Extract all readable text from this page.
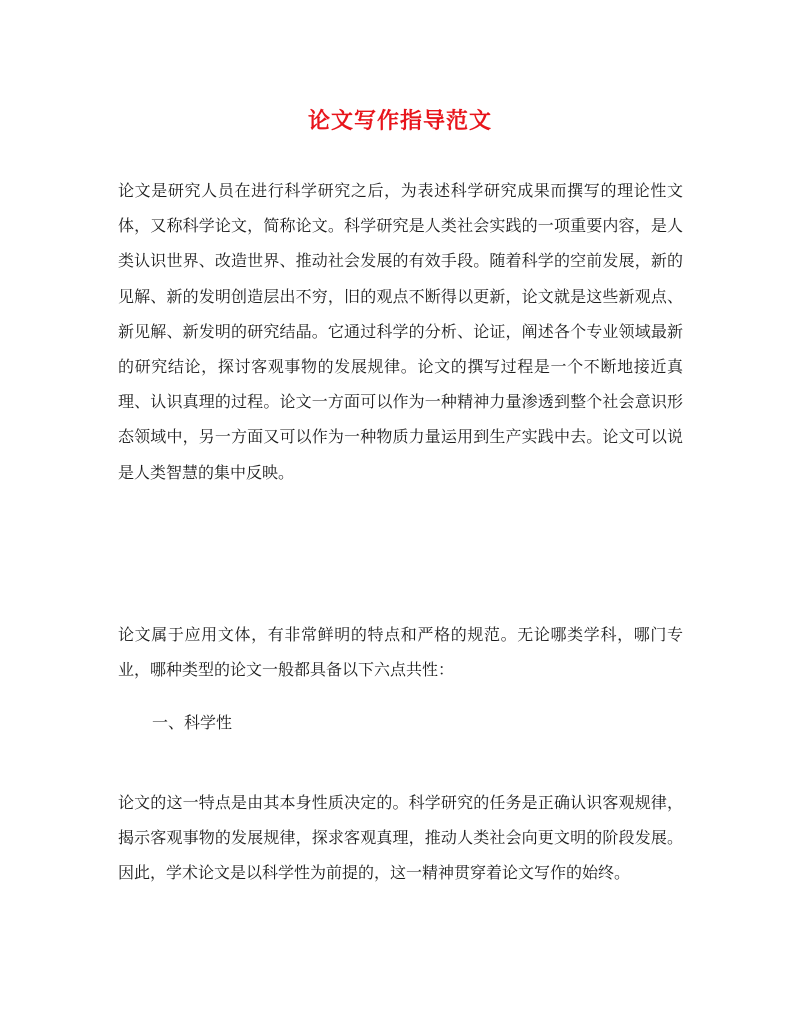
论文写作指导范文

论文是研究人员在进行科学研究之后，为表述科学研究成果而撰写的理论性文体，又称科学论文，简称论文。科学研究是人类社会实践的一项重要内容，是人类认识世界、改造世界、推动社会发展的有效手段。随着科学的空前发展，新的见解、新的发明创造层出不穷，旧的观点不断得以更新，论文就是这些新观点、新见解、新发明的研究结晶。它通过科学的分析、论证，阐述各个专业领域最新的研究结论，探讨客观事物的发展规律。论文的撰写过程是一个不断地接近真理、认识真理的过程。论文一方面可以作为一种精神力量渗透到整个社会意识形态领域中，另一方面又可以作为一种物质力量运用到生产实践中去。论文可以说是人类智慧的集中反映。

论文属于应用文体，有非常鲜明的特点和严格的规范。无论哪类学科，哪门专业，哪种类型的论文一般都具备以下六点共性：

一、科学性

论文的这一特点是由其本身性质决定的。科学研究的任务是正确认识客观规律，揭示客观事物的发展规律，探求客观真理，推动人类社会向更文明的阶段发展。因此，学术论文是以科学性为前提的，这一精神贯穿着论文写作的始终。
